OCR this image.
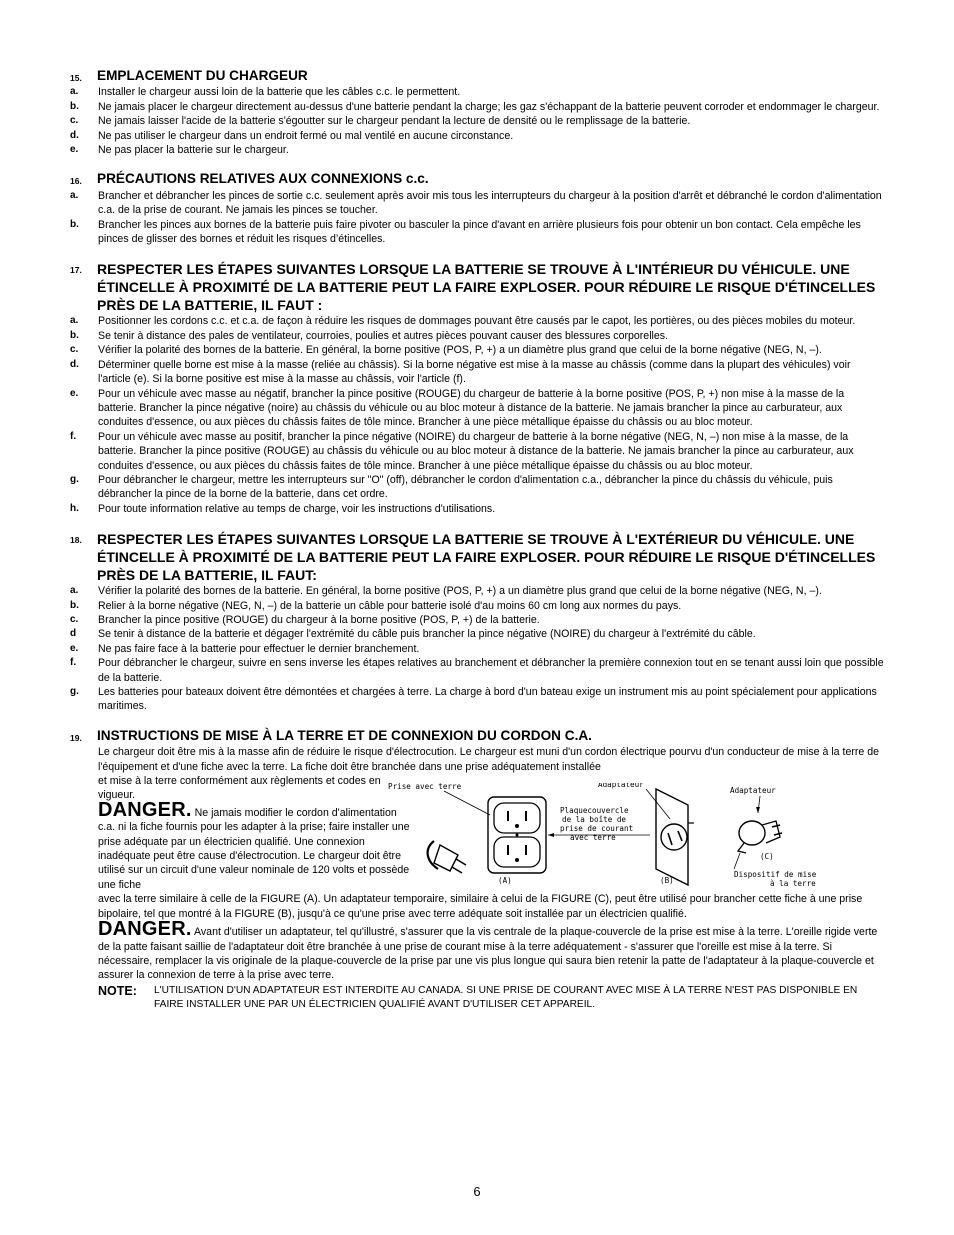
15.	EMPLACEMENT DU CHARGEUR
a.	Installer le chargeur aussi loin de la batterie que les câbles c.c. le permettent.
b.	Ne jamais placer le chargeur directement au-dessus d'une batterie pendant la charge; les gaz s'échappant de la batterie peuvent corroder et endommager le chargeur.
c.	Ne jamais laisser l'acide de la batterie s'égoutter sur le chargeur pendant la lecture de densité ou le remplissage de la batterie.
d.	Ne pas utiliser le chargeur dans un endroit fermé ou mal ventilé en aucune circonstance.
e.	Ne pas placer la batterie sur le chargeur.
16.	PRÉCAUTIONS RELATIVES AUX CONNEXIONS c.c.
a.	Brancher et débrancher les pinces de sortie c.c. seulement après avoir mis tous les interrupteurs du chargeur à la position d'arrêt et débranché le cordon d'alimentation c.a. de la prise de courant. Ne jamais les pinces se toucher.
b.	Brancher les pinces aux bornes de la batterie puis faire pivoter ou basculer la pince d'avant en arrière plusieurs fois pour obtenir un bon contact. Cela empêche les pinces de glisser des bornes et réduit les risques d’étincelles.
17.	RESPECTER LES ÉTAPES SUIVANTES LORSQUE LA BATTERIE SE TROUVE À L'INTÉRIEUR DU VÉHICULE. UNE ÉTINCELLE À PROXIMITÉ DE LA BATTERIE PEUT LA FAIRE EXPLOSER. POUR RÉDUIRE LE RISQUE D'ÉTINCELLES PRÈS DE LA BATTERIE, IL FAUT :
a.	Positionner les cordons c.c. et c.a. de façon à réduire les risques de dommages pouvant être causés par le capot, les portières, ou des pièces mobiles du moteur.
b.	Se tenir à distance des pales de ventilateur, courroies, poulies et autres pièces pouvant causer des blessures corporelles.
c.	Vérifier la polarité des bornes de la batterie. En général, la borne positive (POS, P, +) a un diamètre plus grand que celui de la borne négative (NEG, N, –).
d.	Déterminer quelle borne est mise à la masse (reliée au châssis). Si la borne négative est mise à la masse au châssis (comme dans la plupart des véhicules) voir l'article (e). Si la borne positive est mise à la masse au châssis, voir l'article (f).
e.	Pour un véhicule avec masse au négatif, brancher la pince positive (ROUGE) du chargeur de batterie à la borne positive (POS, P, +) non mise à la masse de la batterie. Brancher la pince négative (noire) au châssis du véhicule ou au bloc moteur à distance de la batterie. Ne jamais brancher la pince au carburateur, aux conduites d'essence, ou aux pièces du châssis faites de tôle mince. Brancher à une pièce métallique épaisse du châssis ou au bloc moteur.
f.	Pour un véhicule avec masse au positif, brancher la pince négative (NOIRE) du chargeur de batterie à la borne négative (NEG, N, –) non mise à la masse, de la batterie. Brancher la pince positive (ROUGE) au châssis du véhicule ou au bloc moteur à distance de la batterie. Ne jamais brancher la pince au carburateur, aux conduites d'essence, ou aux pièces du châssis faites de tôle mince. Brancher à une pièce métallique épaisse du châssis ou au bloc moteur.
g.	Pour débrancher le chargeur, mettre les interrupteurs sur "O" (off), débrancher le cordon d'alimentation c.a., débrancher la pince du châssis du véhicule, puis débrancher la pince de la borne de la batterie, dans cet ordre.
h.	Pour toute information relative au temps de charge, voir les instructions d'utilisations.
18.	RESPECTER LES ÉTAPES SUIVANTES LORSQUE LA BATTERIE SE TROUVE À L'EXTÉRIEUR DU VÉHICULE. UNE ÉTINCELLE À PROXIMITÉ DE LA BATTERIE PEUT LA FAIRE EXPLOSER. POUR RÉDUIRE LE RISQUE D'ÉTINCELLES PRÈS DE LA BATTERIE, IL FAUT:
a.	Vérifier la polarité des bornes de la batterie. En général, la borne positive (POS, P, +) a un diamètre plus grand que celui de la borne négative (NEG, N, –).
b.	Relier à la borne négative (NEG, N, –) de la batterie un câble pour batterie isolé d'au moins 60 cm long aux normes du pays.
c.	Brancher la pince positive (ROUGE) du chargeur à la borne positive (POS, P, +) de la batterie.
d	Se tenir à distance de la batterie et dégager l'extrémité du câble puis brancher la pince négative (NOIRE) du chargeur à l'extrémité du câble.
e.	Ne pas faire face à la batterie pour effectuer le dernier branchement.
f.	Pour débrancher le chargeur, suivre en sens inverse les étapes relatives au branchement et débrancher la première connexion tout en se tenant aussi loin que possible de la batterie.
g.	Les batteries pour bateaux doivent être démontées et chargées à terre. La charge à bord d'un bateau exige un instrument mis au point spécialement pour applications maritimes.
19.	INSTRUCTIONS DE MISE À LA TERRE ET DE CONNEXION DU CORDON C.A.
Le chargeur doit être mis à la masse afin de réduire le risque d'électrocution. Le chargeur est muni d'un cordon électrique pourvu d'un conducteur de mise à la terre de l'équipement et d'une fiche avec la terre. La fiche doit être branchée dans une prise adéquatement installée
et mise à la terre conformément aux règlements et codes en vigueur.
DANGER. Ne jamais modifier le cordon d'alimentation c.a. ni la fiche fournis pour les adapter à la prise; faire installer une prise adéquate par un électricien qualifié. Une connexion inadéquate peut être cause d'électrocution. Le chargeur doit être utilisé sur un circuit d'une valeur nominale de 120 volts et possède une fiche
avec la terre similaire à celle de la FIGURE (A). Un adaptateur temporaire, similaire à celui de la FIGURE (C), peut être utilisé pour brancher cette fiche à une prise bipolaire, tel que montré à la FIGURE (B), jusqu'à ce qu'une prise avec terre adéquate soit installée par un électricien qualifié.
Prise avec terre
(A)
Adaptateur
Plaquecouvercle
de la boîte de
prise de courant
avec terre
(B)
Adaptateur
(C)
Dispositif de mise
à la terre
DANGER. Avant d'utiliser un adaptateur, tel qu'illustré, s'assurer que la vis centrale de la plaque-couvercle de la prise est mise à la terre. L'oreille rigide verte de la patte faisant saillie de l'adaptateur doit être branchée à une prise de courant mise à la terre adéquatement - s'assurer que l'oreille est mise à la terre. Si nécessaire, remplacer la vis originale de la plaque-couvercle de la prise par une vis plus longue qui saura bien retenir la patte de l'adaptateur à la plaque-couvercle et assurer la connexion de terre à la prise avec terre.
NOTE:	L'UTILISATION D'UN ADAPTATEUR EST INTERDITE AU CANADA. SI UNE PRISE DE COURANT AVEC MISE À LA TERRE N'EST PAS DISPONIBLE EN FAIRE INSTALLER UNE PAR UN ÉLECTRICIEN QUALIFIÉ AVANT D'UTILISER CET APPAREIL.
6
